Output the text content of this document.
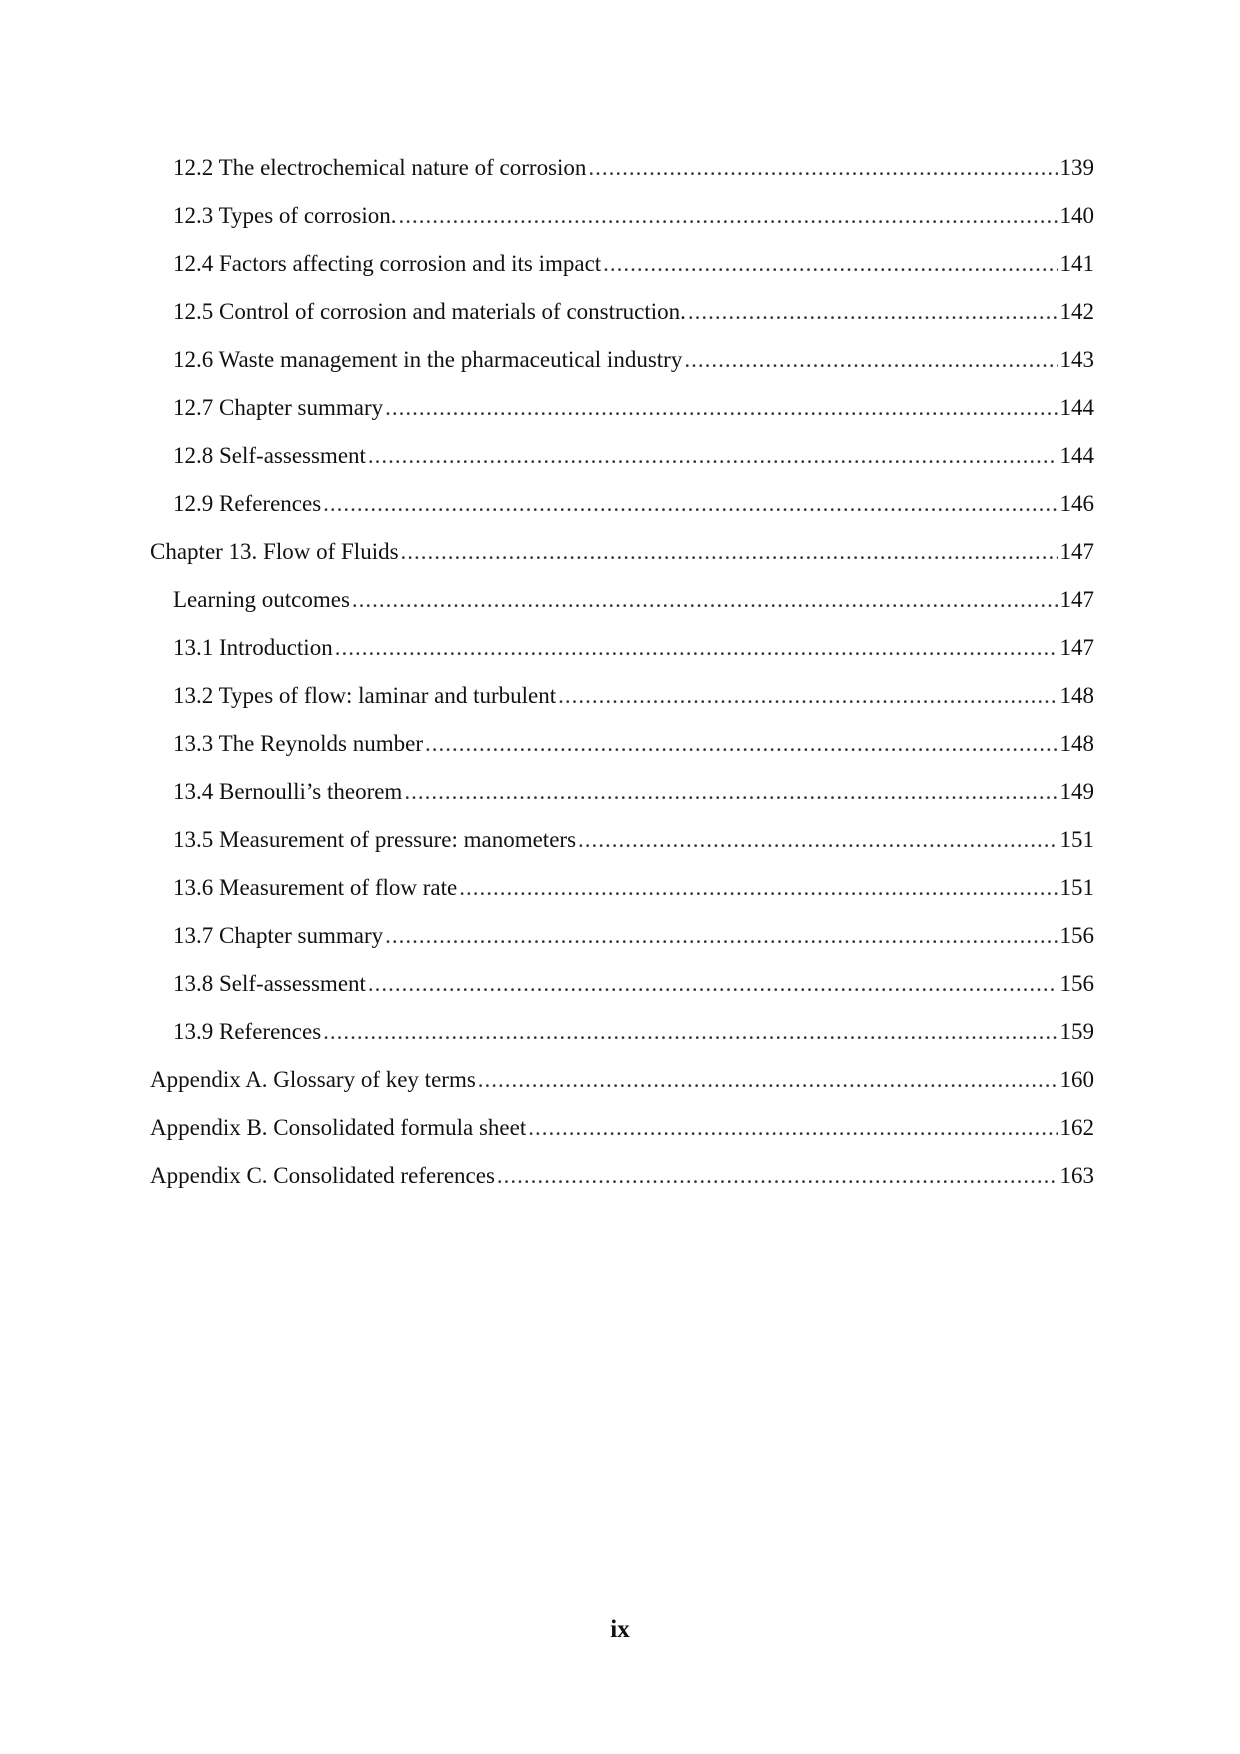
12.2 The electrochemical nature of corrosion .....	139
12.3 Types of corrosion. .....	140
12.4 Factors affecting corrosion and its impact .....	141
12.5 Control of corrosion and materials of construction. .....	142
12.6 Waste management in the pharmaceutical industry .....	143
12.7 Chapter summary .....	144
12.8 Self-assessment .....	144
12.9 References .....	146
Chapter 13. Flow of Fluids .....	147
Learning outcomes .....	147
13.1 Introduction .....	147
13.2 Types of flow: laminar and turbulent .....	148
13.3 The Reynolds number .....	148
13.4 Bernoulli’s theorem .....	149
13.5 Measurement of pressure: manometers .....	151
13.6 Measurement of flow rate .....	151
13.7 Chapter summary .....	156
13.8 Self-assessment .....	156
13.9 References .....	159
Appendix A. Glossary of key terms .....	160
Appendix B. Consolidated formula sheet .....	162
Appendix C. Consolidated references .....	163
ix
